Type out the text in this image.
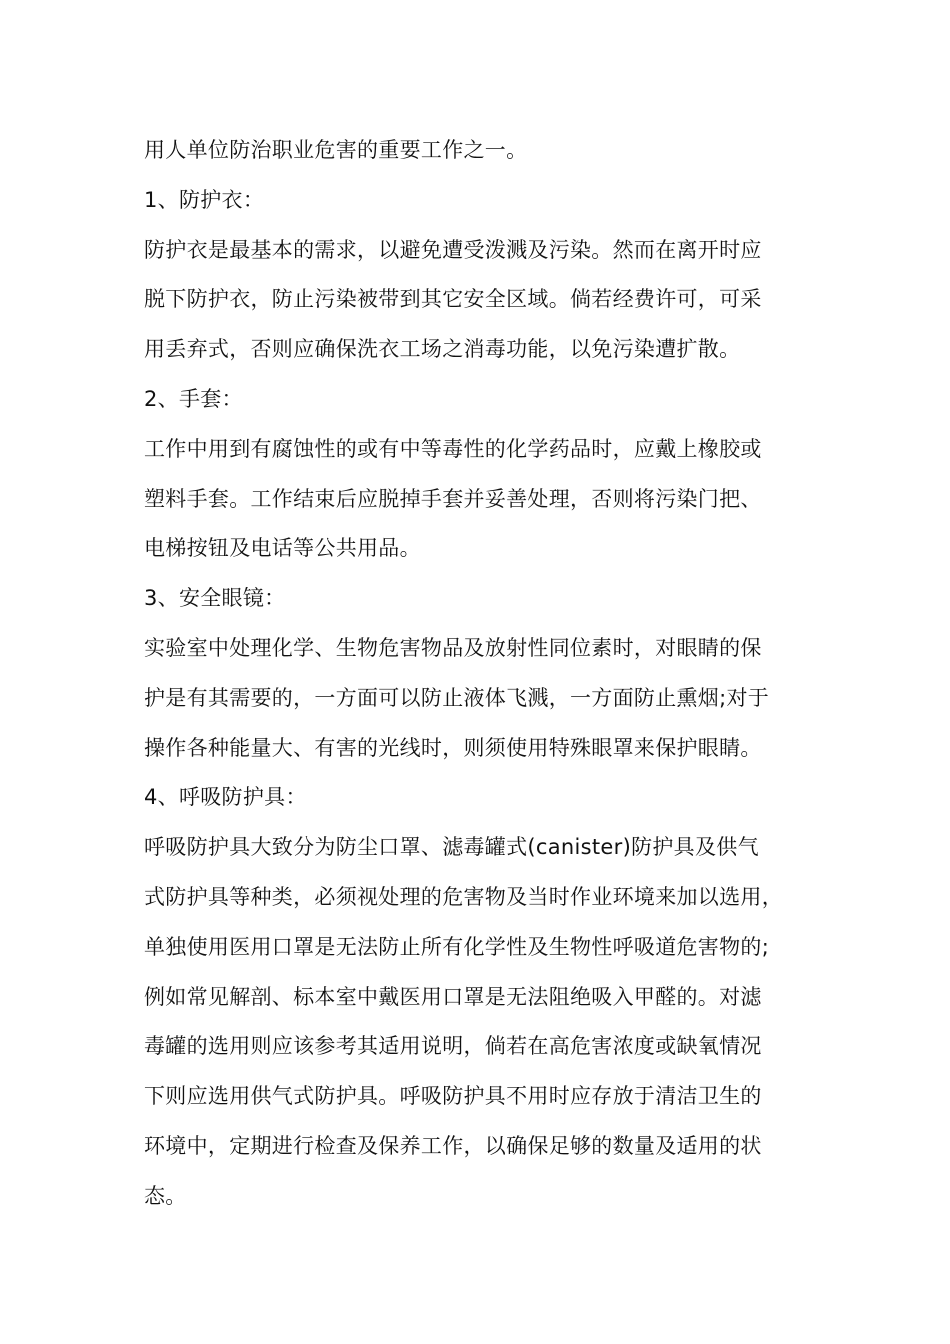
用人单位防治职业危害的重要工作之一。
1、防护衣：
防护衣是最基本的需求，以避免遭受泼溅及污染。然而在离开时应
脱下防护衣，防止污染被带到其它安全区域。倘若经费许可，可采
用丢弃式，否则应确保洗衣工场之消毒功能，以免污染遭扩散。
2、手套：
工作中用到有腐蚀性的或有中等毒性的化学药品时，应戴上橡胶或
塑料手套。工作结束后应脱掉手套并妥善处理，否则将污染门把、
电梯按钮及电话等公共用品。
3、安全眼镜：
实验室中处理化学、生物危害物品及放射性同位素时，对眼睛的保
护是有其需要的，一方面可以防止液体飞溅，一方面防止熏烟;对于
操作各种能量大、有害的光线时，则须使用特殊眼罩来保护眼睛。
4、呼吸防护具：
呼吸防护具大致分为防尘口罩、滤毒罐式(canister)防护具及供气
式防护具等种类，必须视处理的危害物及当时作业环境来加以选用，
单独使用医用口罩是无法防止所有化学性及生物性呼吸道危害物的;
例如常见解剖、标本室中戴医用口罩是无法阻绝吸入甲醛的。对滤
毒罐的选用则应该参考其适用说明，倘若在高危害浓度或缺氧情况
下则应选用供气式防护具。呼吸防护具不用时应存放于清洁卫生的
环境中，定期进行检查及保养工作，以确保足够的数量及适用的状
态。
